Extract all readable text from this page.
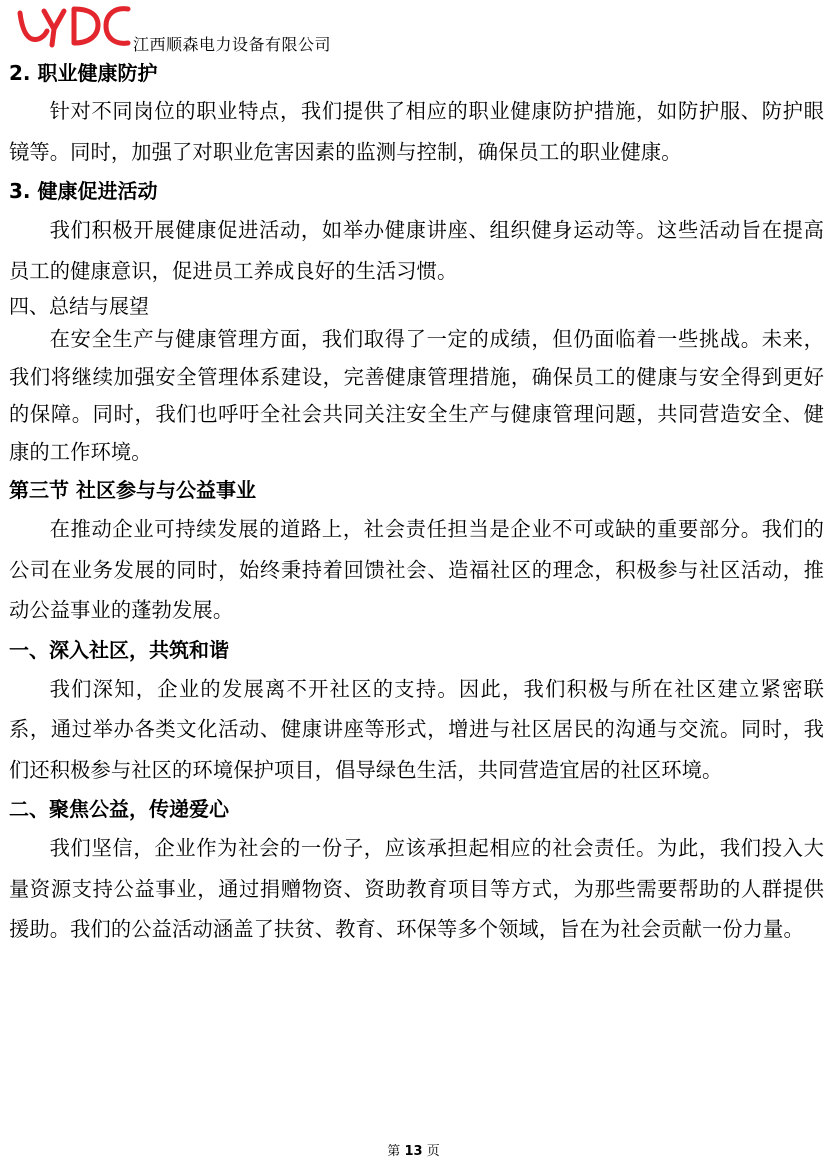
江西顺森电力设备有限公司

2. 职业健康防护

针对不同岗位的职业特点，我们提供了相应的职业健康防护措施，如防护服、防护眼镜等。同时，加强了对职业危害因素的监测与控制，确保员工的职业健康。

3. 健康促进活动

我们积极开展健康促进活动，如举办健康讲座、组织健身运动等。这些活动旨在提高员工的健康意识，促进员工养成良好的生活习惯。

四、总结与展望

在安全生产与健康管理方面，我们取得了一定的成绩，但仍面临着一些挑战。未来，我们将继续加强安全管理体系建设，完善健康管理措施，确保员工的健康与安全得到更好的保障。同时，我们也呼吁全社会共同关注安全生产与健康管理问题，共同营造安全、健康的工作环境。

第三节 社区参与与公益事业

在推动企业可持续发展的道路上，社会责任担当是企业不可或缺的重要部分。我们的公司在业务发展的同时，始终秉持着回馈社会、造福社区的理念，积极参与社区活动，推动公益事业的蓬勃发展。

一、深入社区，共筑和谐

我们深知，企业的发展离不开社区的支持。因此，我们积极与所在社区建立紧密联系，通过举办各类文化活动、健康讲座等形式，增进与社区居民的沟通与交流。同时，我们还积极参与社区的环境保护项目，倡导绿色生活，共同营造宜居的社区环境。

二、聚焦公益，传递爱心

我们坚信，企业作为社会的一份子，应该承担起相应的社会责任。为此，我们投入大量资源支持公益事业，通过捐赠物资、资助教育项目等方式，为那些需要帮助的人群提供援助。我们的公益活动涵盖了扶贫、教育、环保等多个领域，旨在为社会贡献一份力量。

第 13 页
